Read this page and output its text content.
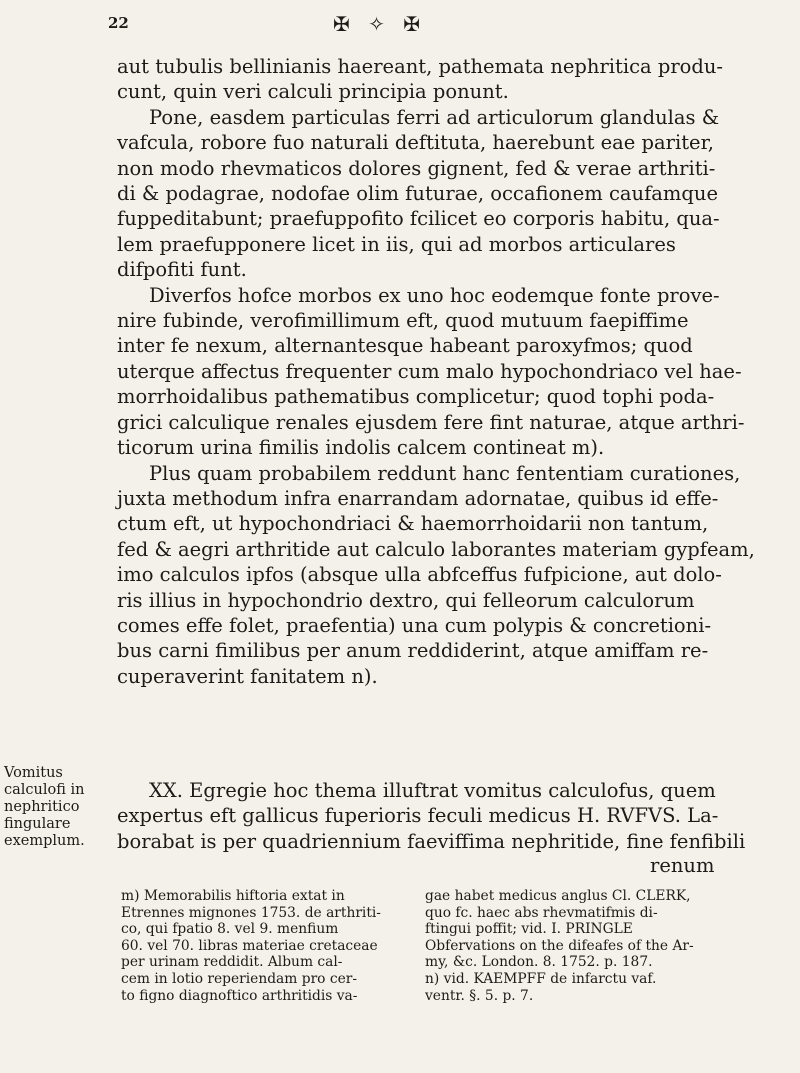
22	✠ ✧ ✠

aut tubulis bellinianis haereant, pathemata nephritica produ-
cunt, quin veri calculi principia ponunt.

Pone, easdem particulas ferri ad articulorum glandulas &
vafcula, robore fuo naturali deftituta, haerebunt eae pariter,
non modo rhevmaticos dolores gignent, fed & verae arthriti-
di & podagrae, nodofae olim futurae, occafionem caufamque
fuppeditabunt; praefuppofito fcilicet eo corporis habitu, qua-
lem praefupponere licet in iis, qui ad morbos articulares
difpofiti funt.

Diverfos hofce morbos ex uno hoc eodemque fonte prove-
nire fubinde, verofimillimum eft, quod mutuum faepiffime
inter fe nexum, alternantesque habeant paroxyfmos; quod
uterque affectus frequenter cum malo hypochondriaco vel hae-
morrhoidalibus pathematibus complicetur; quod tophi poda-
grici calculique renales ejusdem fere fint naturae, atque arthri-
ticorum urina fimilis indolis calcem contineat m).

Plus quam probabilem reddunt hanc fententiam curationes,
juxta methodum infra enarrandam adornatae, quibus id effe-
ctum eft, ut hypochondriaci & haemorrhoidarii non tantum,
fed & aegri arthritide aut calculo laborantes materiam gypfeam,
imo calculos ipfos (absque ulla abfceffus fufpicione, aut dolo-
ris illius in hypochondrio dextro, qui felleorum calculorum
comes effe folet, praefentia) una cum polypis & concretioni-
bus carni fimilibus per anum reddiderint, atque amiffam re-
cuperaverint fanitatem n).

Vomitus
calculofi in
nephritico
fingulare
exemplum.
XX. Egregie hoc thema illuftrat vomitus calculofus, quem
expertus eft gallicus fuperioris feculi medicus H. RVFVS. La-
borabat is per quadriennium faeviffima nephritide, fine fenfibili
renum
m) Memorabilis hiftoria extat in
Etrennes mignones 1753. de arthriti-
co, qui fpatio 8. vel 9. menfium
60. vel 70. libras materiae cretaceae
per urinam reddidit. Album cal-
cem in lotio reperiendam pro cer-
to figno diagnoftico arthritidis va-
gae habet medicus anglus Cl. CLERK,
quo fc. haec abs rhevmatifmis di-
ftingui poffit; vid. I. PRINGLE
Obfervations on the difeafes of the Ar-
my, &c. London. 8. 1752. p. 187.
n) vid. KAEMPFF de infarctu vaf.
ventr. §. 5. p. 7.
